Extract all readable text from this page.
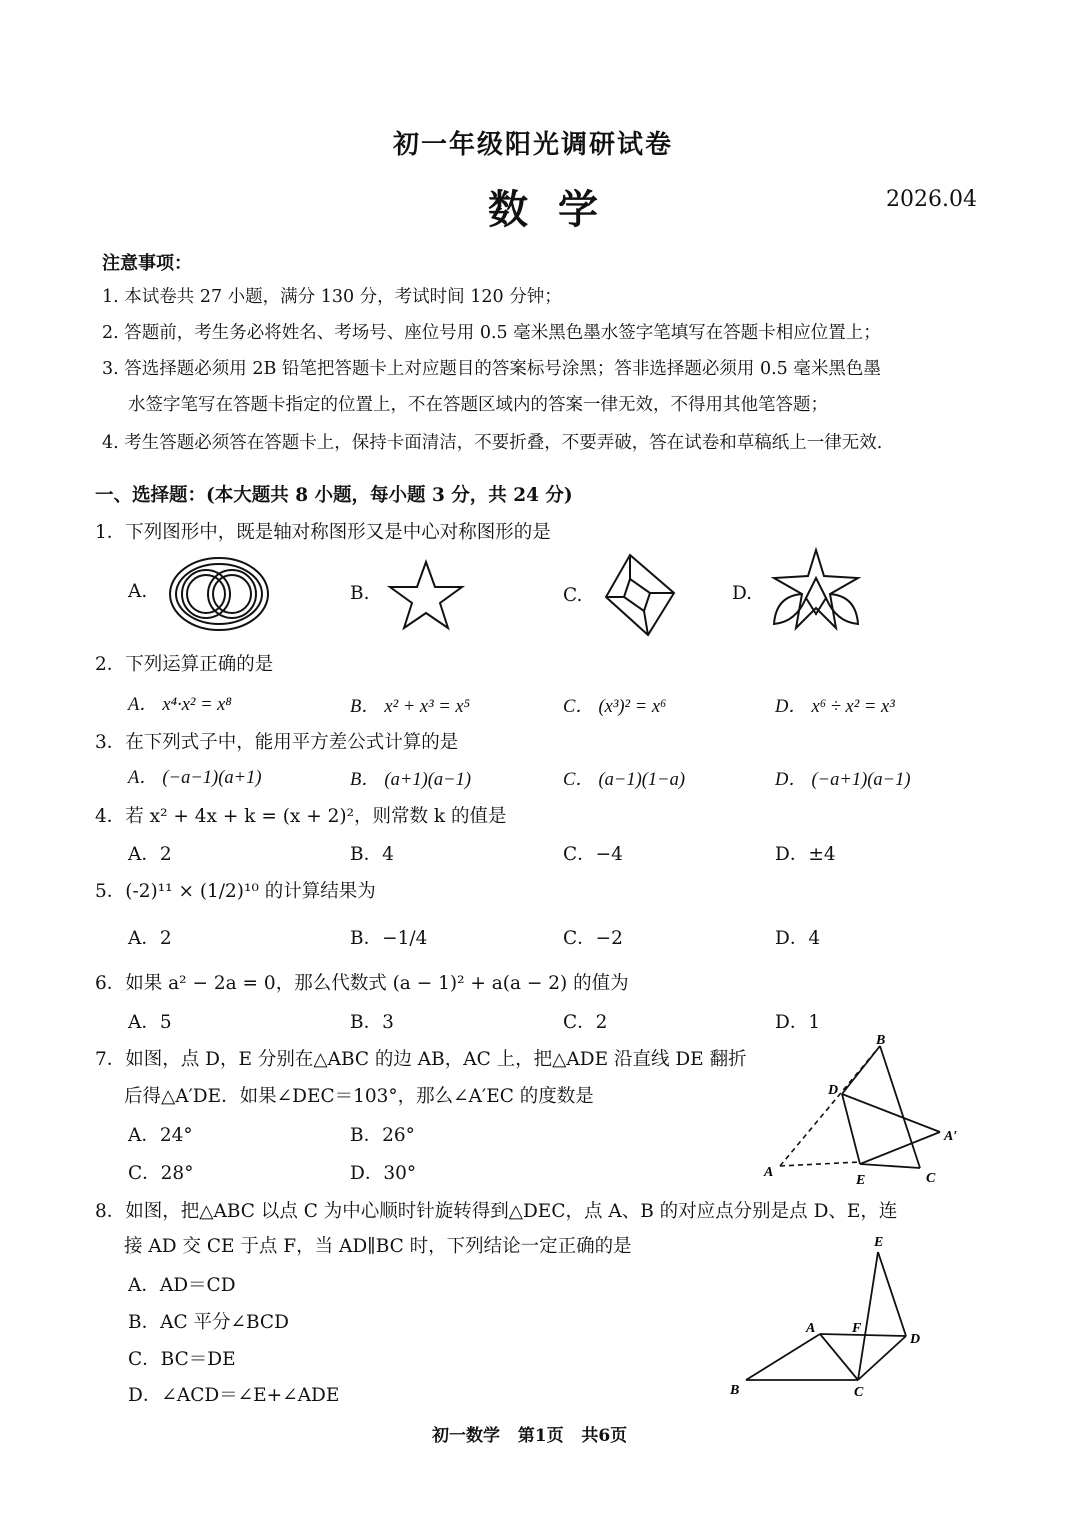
初一年级阳光调研试卷
数学	2026.04
注意事项：
1. 本试卷共 27 小题，满分 130 分，考试时间 120 分钟；
2. 答题前，考生务必将姓名、考场号、座位号用 0.5 毫米黑色墨水签字笔填写在答题卡相应位置上；
3. 答选择题必须用 2B 铅笔把答题卡上对应题目的答案标号涂黑；答非选择题必须用 0.5 毫米黑色墨
水签字笔写在答题卡指定的位置上，不在答题区域内的答案一律无效，不得用其他笔答题；
4. 考生答题必须答在答题卡上，保持卡面清洁，不要折叠，不要弄破，答在试卷和草稿纸上一律无效.
一、选择题：(本大题共 8 小题，每小题 3 分，共 24 分)
1．下列图形中，既是轴对称图形又是中心对称图形的是
A.	B.	C.	D.
2．下列运算正确的是
A． x⁴·x² = x⁸	B． x² + x³ = x⁵	C． (x³)² = x⁶	D． x⁶ ÷ x² = x³
3．在下列式子中，能用平方差公式计算的是
A． (−a−1)(a+1)	B． (a+1)(a−1)	C． (a−1)(1−a)	D． (−a+1)(a−1)
4．若 x² + 4x + k = (x + 2)²，则常数 k 的值是
A．2	B．4	C．−4	D．±4
5．(-2)¹¹ × (1/2)¹⁰ 的计算结果为
A．2	B．−1/4	C．−2	D．4
6．如果 a² − 2a = 0，那么代数式 (a − 1)² + a(a − 2) 的值为
A．5	B．3	C．2	D．1
7．如图，点 D，E 分别在△ABC 的边 AB，AC 上，把△ADE 沿直线 DE 翻折
后得△A′DE．如果∠DEC＝103°，那么∠A′EC 的度数是
A．24°	B．26°
C．28°	D．30°
B
D
A′
A
E	C
8．如图，把△ABC 以点 C 为中心顺时针旋转得到△DEC，点 A、B 的对应点分别是点 D、E，连
接 AD 交 CE 于点 F，当 AD∥BC 时，下列结论一定正确的是
A．AD＝CD
B．AC 平分∠BCD
C．BC＝DE
D．∠ACD＝∠E+∠ADE
E
A	F
D
B	C
初一数学   第1页   共6页
